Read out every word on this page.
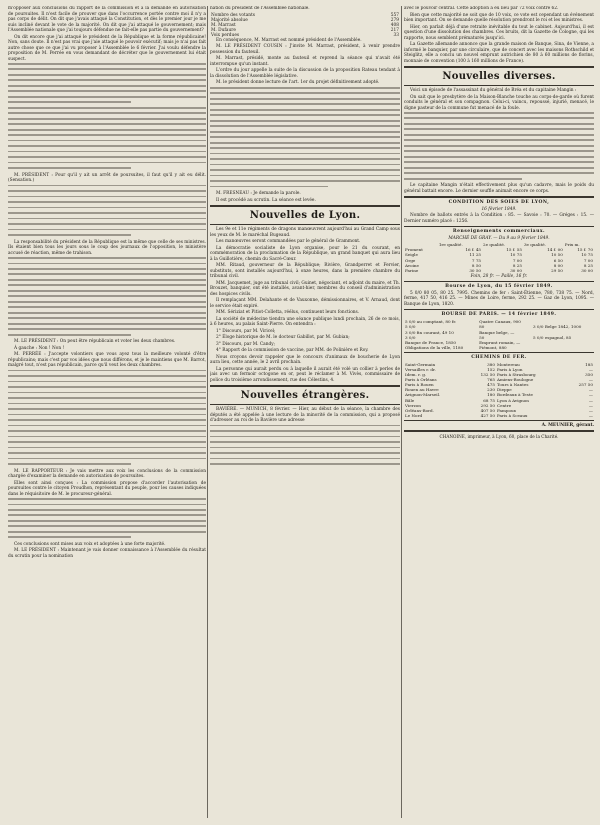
m'opposer aux conclusions du rapport de la commission et à la demande en autorisation de poursuites. Il n'est facile de prouver que dans l'occurrence portée contre moi il n'y a pas corps de délit. On dit que j'avais attaqué la Constitution, et dès le premier jour je me suis incliné devant le vote de la majorité. On dit que j'ai attaqué le gouvernement; mais l'Assemblée nationale que j'ai toujours défendue ne fait-elle pas partie du gouvernement?

On dit encore que j'ai attaqué le président de la République et la forme républicaine! Non, sans doute. Il n'est pas vrai que j'aie attaqué le pouvoir exécutif; mais je n'ai pas fait autre chose que ce que j'ai vu proposer à l'Assemblée le 6 février. J'ai voulu défendre la proposition de M. Perrée en vous demandant de décréter que le gouvernement lui était suspect.

M. PRÉSIDENT : Pour qu'il y ait un arrêt de poursuites, il faut qu'il y ait eu délit. (Sensation.)

La responsabilité du président de la République est la même que celle de ses ministres. Ils étaient bien tous les jours sous le coup des journaux de l'opposition, le ministère accusé de réaction, même de trahison.

M. LE PRÉSIDENT : On peut être républicain et voter les deux chambres.

À gauche : Non ! Non !

M. PERRÉE : J'accepte volontiers que vous ayez tous la meilleure volonté d'être républicains; mais c'est par vos idées que nous différons, et je le maintiens que M. Barrot, malgré tout, n'est pas républicain, parce qu'il veut les deux chambres.

M. LE RAPPORTEUR : Je vais mettre aux voix les conclusions de la commission chargée d'examiner la demande en autorisation de poursuites.

Elles sont ainsi conçues : La commission propose d'accorder l'autorisation de poursuites contre le citoyen Proudhon, représentant du peuple, pour les causes indiquées dans le réquisitoire de M. le procureur-général.

Ces conclusions sont mises aux voix et adoptées à une forte majorité.

M. LE PRÉSIDENT : Maintenant je vais donner connaissance à l'Assemblée du résultat du scrutin pour la nomination

nation du président de l'Assemblée nationale.

Nombre des votants	557
Majorité absolue	279
M. Marrast	408
M. Dufaure	217
Voix perdues	33

En conséquence, M. Marrast est nommé président de l'Assemblée.

M. LE PRÉSIDENT COUSIN : J'invite M. Marrast, président, à venir prendre possession du fauteuil.

M. Marrast, présidé, monte au fauteuil et reprend la séance qui n'avait été interrompue qu'un instant.

L'ordre du jour appelle la suite de la discussion de la proposition Rateau tendant à la dissolution de l'Assemblée législative.

M. le président donne lecture de l'art. 1er du projet définitivement adopté.

M. FRESNEAU : Je demande la parole.

Il est procédé au scrutin. La séance est levée.

Nouvelles de Lyon.

Les 9e et 11e régiments de dragons manœuvrent aujourd'hui au Grand Camp sous les yeux de M. le maréchal Bugeaud.

Les manœuvres seront commandées par le général de Grammont.

La démocratie socialiste de Lyon organise, pour le 21 du courant, en commémoration de la proclamation de la République, un grand banquet qui aura lieu à la Guillotière, chemin du Sacré-Cœur.

MM. Ritaud, gouverneur de la République; Rivière, Grandperret et Fervier, substituts, sont installés aujourd'hui, à onze heures, dans la première chambre du tribunal civil.

MM. Jacquemet, juge au tribunal civil; Guinet, négociant, et adjoint du maire, et Th. Brouzet, banquier, ont été installés, avant-hier, membres du conseil d'administration des hospices civils.

Il remplaçant MM. Delahante et de Vauxonne, démissionnaires, et V. Arnaud, dont le service était expiré.

MM. Sériziat et Pitiot-Colletta, réélus, continuent leurs fonctions.

La société de médecine tiendra une séance publique lundi prochain, 26 de ce mois, à 6 heures, au palais Saint-Pierre. On entendra :

1° Discours, par M. Viricel;

2° Éloge historique de M. le docteur Gabillot, par M. Gubian;

3° Discours, par M. Candy;

4° Rapport de la commission de vaccine, par MM. de Polinière et Roy.

Nous croyons devoir rappeler que le concours d'animaux de boucherie de Lyon aura lieu, cette année, le 2 avril prochain.

La personne qui aurait perdu ou à laquelle il aurait été volé un collier à perles de jais avec un fermoir octogone en or, peut le réclamer à M. Vivès, commissaire de police du troisième arrondissement, rue des Célestins, 4.

Nouvelles étrangères.

BAVIÈRE. — MUNICH, 8 février. — Hier, au début de la séance, la chambre des députés a été appelée à une lecture de la minorité de la commission, qui a proposé d'adresser au roi de la Bavière une adresse

avec le pouvoir central. Cette adoption a eu lieu par 72 voix contre 62.

Bien que cette majorité ne soit que de 10 voix, ce vote est cependant un événement bien important. On se demande quelle résolution prendront le roi et les ministres.

Hier, on parlait déjà d'une retraite inévitable du tout le cabinet. Aujourd'hui, il est question d'une dissolution des chambres. Ces bruits, dit la Gazette de Cologne, qui les rapporte, nous semblent prématurés jusqu'ici.

La Gazette allemande annonce que la grande maison de Banque, Sina, de Vienne, a informé le banquier, par une circulaire, que de concert avec les maisons Rothschild et Steiglitz, elle a conclu un nouvel emprunt autrichien de 80 à 60 millions de florins, monnaie de convention (100 à 160 millions de France).

Nouvelles diverses.

Voici un épisode de l'assassinat du général de Bréa et du capitaine Mangin :

On sait que le presbytère de la Maison-Blanche touche au corps-de-garde où furent conduits le général et son compagnon. Celui-ci, vaincu, repoussé, injurié, menacé, le digne pasteur de la commune fut menacé de la foule.

Le capitaine Mangin n'était effectivement plus qu'un cadavre, mais le poids du général battait encore. Le dernier souffle animait encore ce corps.

CONDITION DES SOIES DE LYON,
16 février 1849.

Nombre de ballots entrés à la Condition : 85. — Savoie : 70. — Gréges : 15. — Dernier numéro placé : 1256.

Renseignements commerciaux.
MARCHÉ DE GRAY. — Du 9 au 9 février 1849.
	1re qualité.	2e qualité.	3e qualité.	Prix m.
Froment	16 f. 45	15 f. 55	14 f. 00	15 f. 70
Seigle	11 25	10 75	10 50	10 75
Orge	7 75	7 00	6 50	7 00
Avoine	8 50	8 25	8 00	8 25
Farine	30 50	30 00	29 50	30 00
Foin, 28 fr. — Paille, 16 fr.
Bourse de Lyon, du 15 février 1849.

5 0/0 80 05, 80 25. 7995. Chemins de fer : Saint-Étienne, 780, 738 75. — Nord, ferme, 417 50, 416 25. — Mines de Loire, ferme, 292 25. — Gaz de Lyon, 1095. — Banque de Lyon, 1820.

BOURSE DE PARIS. — 14 février 1849.
5 0/0 au comptant, 80 fr.	Quatre Canaux, 900	
5 0/0	80	3 0/0 Belge 1842, 1000
3 0/0 fin courant, 49 10	Banque belge, —	
3 0/0	50	5 0/0 espagnol, 85
Banque de France, 1850	Emprunt romain, —	
Obligations de la ville, 1180	Piémont, 880	
CHEMINS DE FER.
Saint-Germain	380	Montereau	185
Versailles r. dr.	152	Paris à Lyon	—
Idem. r. g.	132 50	Paris à Strasbourg	350
Paris à Orléans	765	Amiens-Boulogne	—
Paris à Rouen	475	Tours à Nantes	257 50
Rouen au Havre	230	Dieppe	—
Avignon-Marseil.	180	Bordeaux à Teste	—
Bâle	68 75	Lyon à Avignon	—
Vierzon	292 50	Centre	—
Orléans-Bord.	407 50	Fampoux	—
Le Nord	427 50	Paris à Sceaux	—
A. MEUNIER, gérant.
CHANOINE, imprimeur, à Lyon, 60, place de la Charité.
